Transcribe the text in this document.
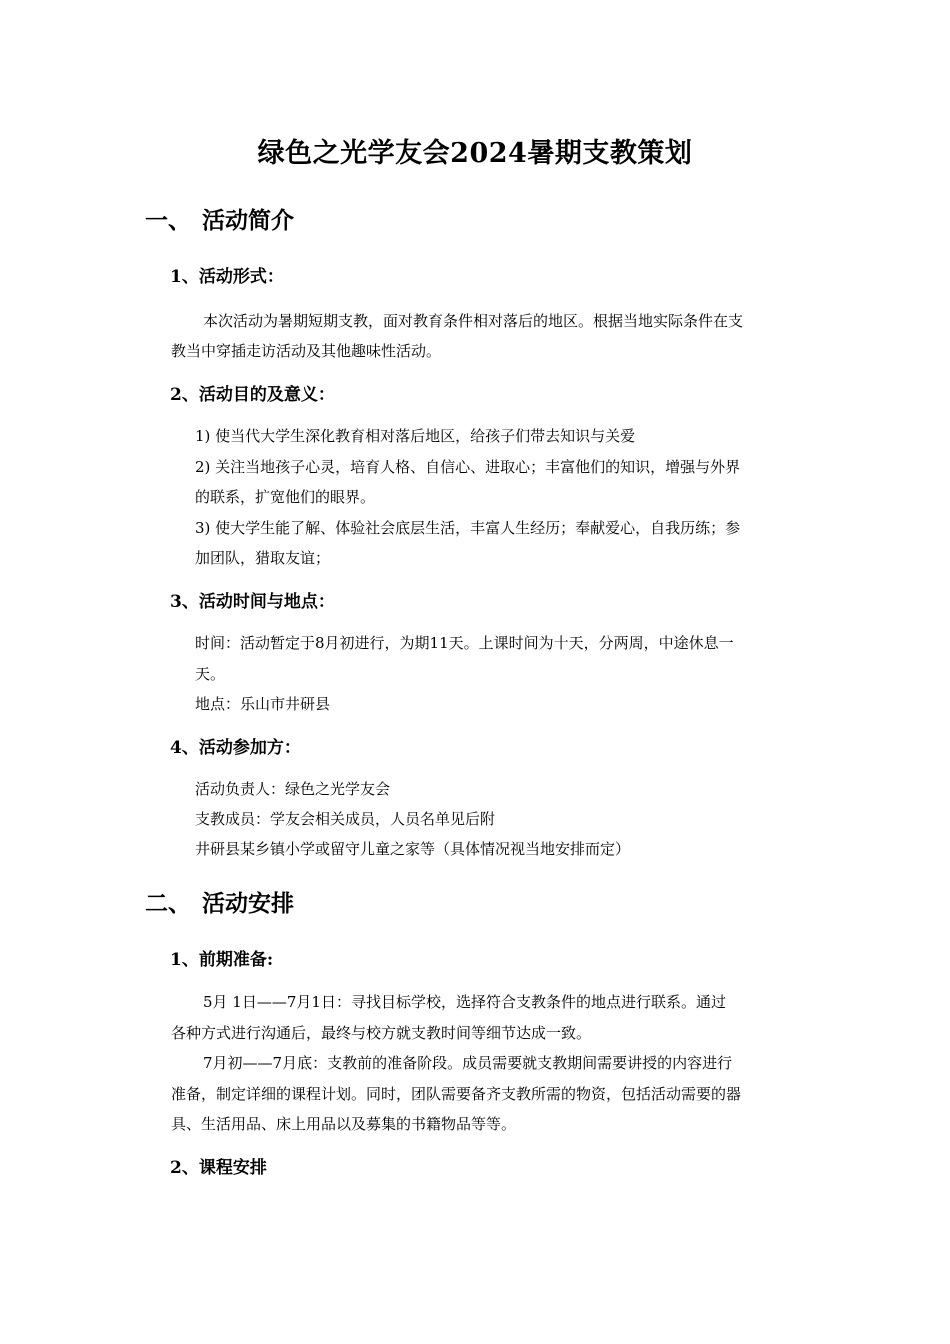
绿色之光学友会2024暑期支教策划
一、 活动简介
1、活动形式：
本次活动为暑期短期支教，面对教育条件相对落后的地区。根据当地实际条件在支
教当中穿插走访活动及其他趣味性活动。
2、活动目的及意义：
1) 使当代大学生深化教育相对落后地区，给孩子们带去知识与关爱
2) 关注当地孩子心灵，培育人格、自信心、进取心；丰富他们的知识，增强与外界
的联系，扩宽他们的眼界。
3) 使大学生能了解、体验社会底层生活，丰富人生经历；奉献爱心，自我历练；参
加团队，猎取友谊；
3、活动时间与地点：
时间：活动暂定于8月初进行，为期11天。上课时间为十天，分两周，中途休息一
天。
地点：乐山市井研县
4、活动参加方：
活动负责人：绿色之光学友会
支教成员：学友会相关成员，人员名单见后附
井研县某乡镇小学或留守儿童之家等（具体情况视当地安排而定）
二、 活动安排
1、前期准备:
5月 1日——7月1日：寻找目标学校，选择符合支教条件的地点进行联系。通过
各种方式进行沟通后，最终与校方就支教时间等细节达成一致。
7月初——7月底：支教前的准备阶段。成员需要就支教期间需要讲授的内容进行
准备，制定详细的课程计划。同时，团队需要备齐支教所需的物资，包括活动需要的器
具、生活用品、床上用品以及募集的书籍物品等等。
2、课程安排
